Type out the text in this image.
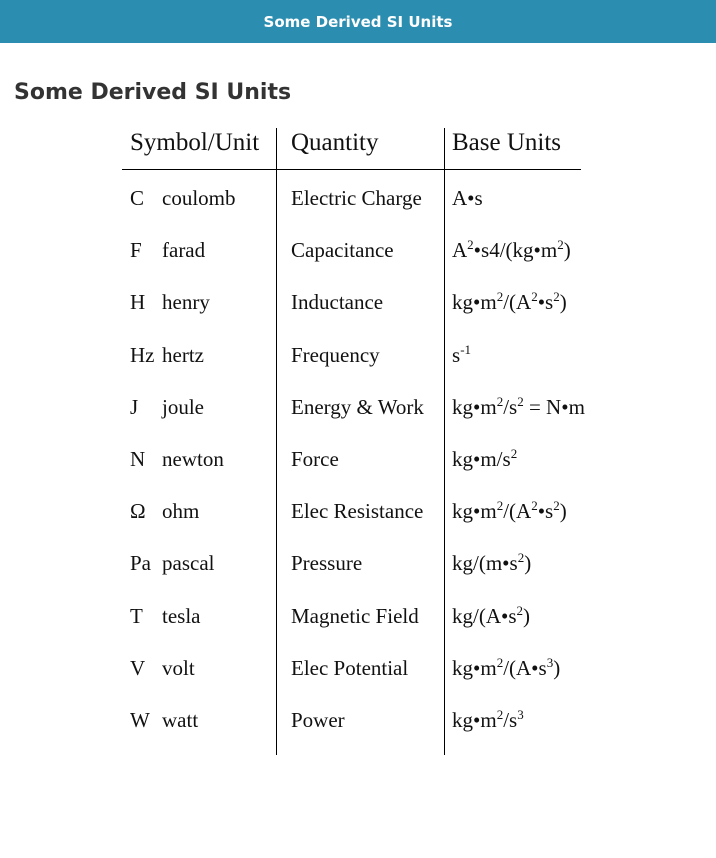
Some Derived SI Units
Some Derived SI Units
Symbol/Unit Quantity	Base Units
C coulomb	Electric Charge A•s
F farad	Capacitance	$A^2•s4/(kg•m^2)$
H henry	Inductance	$kg•m^2/(A^2•s^2)$
Hz hertz	Frequency	$s^{-1}$
J joule	Energy & Work $kg•m^2/s^2$ = N•m
N newton	Force	$kg•m/s^2$
Ω ohm	Elec Resistance $kg•m^2/(A^2•s^2)$
Pa pascal	Pressure	$kg/(m•s^2)$
T tesla	Magnetic Field $kg/(A•s^2)$
V volt	Elec Potential $kg•m^2/(A•s^3)$
W watt	Power	$kg•m^2/s^3$
